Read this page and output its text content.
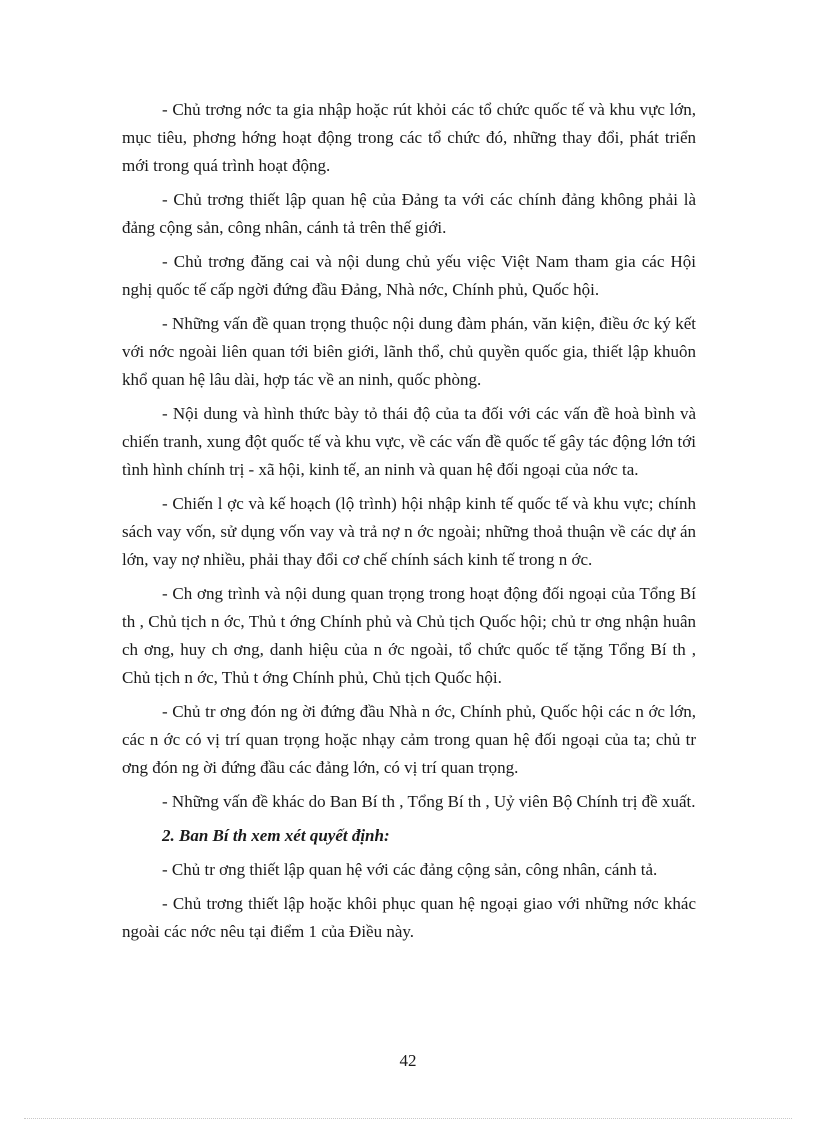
- Chủ trơng nớc ta gia nhập hoặc rút khỏi các tổ chức quốc tế và khu vực lớn, mục tiêu, phơng hớng hoạt động trong các tổ chức đó, những thay đổi, phát triển mới trong quá trình hoạt động.

- Chủ trơng thiết lập quan hệ của Đảng ta với các chính đảng không phải là đảng cộng sản, công nhân, cánh tả trên thế giới.

- Chủ trơng đăng cai và nội dung chủ yếu việc Việt Nam tham gia các Hội nghị quốc tế cấp ngời đứng đầu Đảng, Nhà nớc, Chính phủ, Quốc hội.

- Những vấn đề quan trọng thuộc nội dung đàm phán, văn kiện, điều ớc ký kết với nớc ngoài liên quan tới biên giới, lãnh thổ, chủ quyền quốc gia, thiết lập khuôn khổ quan hệ lâu dài, hợp tác về an ninh, quốc phòng.

- Nội dung và hình thức bày tỏ thái độ của ta đối với các vấn đề hoà bình và chiến tranh, xung đột quốc tế và khu vực, về các vấn đề quốc tế gây tác động lớn tới tình hình chính trị - xã hội, kinh tế, an ninh và quan hệ đối ngoại của nớc ta.

- Chiến l ợc và kế hoạch (lộ trình) hội nhập kinh tế quốc tế và khu vực; chính sách vay vốn, sử dụng vốn vay và trả nợ n ớc ngoài; những thoả thuận về các dự án lớn, vay nợ nhiều, phải thay đổi cơ chế chính sách kinh tế trong n ớc.

- Ch ơng trình và nội dung quan trọng trong hoạt động đối ngoại của Tổng Bí th , Chủ tịch n ớc, Thủ t ớng Chính phủ và Chủ tịch Quốc hội; chủ tr ơng nhận huân ch ơng, huy ch ơng, danh hiệu của n ớc ngoài, tổ chức quốc tế tặng Tổng Bí th , Chủ tịch n ớc, Thủ t ớng Chính phủ, Chủ tịch Quốc hội.

- Chủ tr ơng đón ng ời đứng đầu Nhà n ớc, Chính phủ, Quốc hội các n ớc lớn, các n ớc có vị trí quan trọng hoặc nhạy cảm trong quan hệ đối ngoại của ta; chủ tr ơng đón ng ời đứng đầu các đảng lớn, có vị trí quan trọng.

- Những vấn đề khác do Ban Bí th , Tổng Bí th , Uỷ viên Bộ Chính trị đề xuất.

2. Ban Bí th xem xét quyết định:

- Chủ tr ơng thiết lập quan hệ với các đảng cộng sản, công nhân, cánh tả.

- Chủ trơng thiết lập hoặc khôi phục quan hệ ngoại giao với những nớc khác ngoài các nớc nêu tại điểm 1 của Điều này.

42
